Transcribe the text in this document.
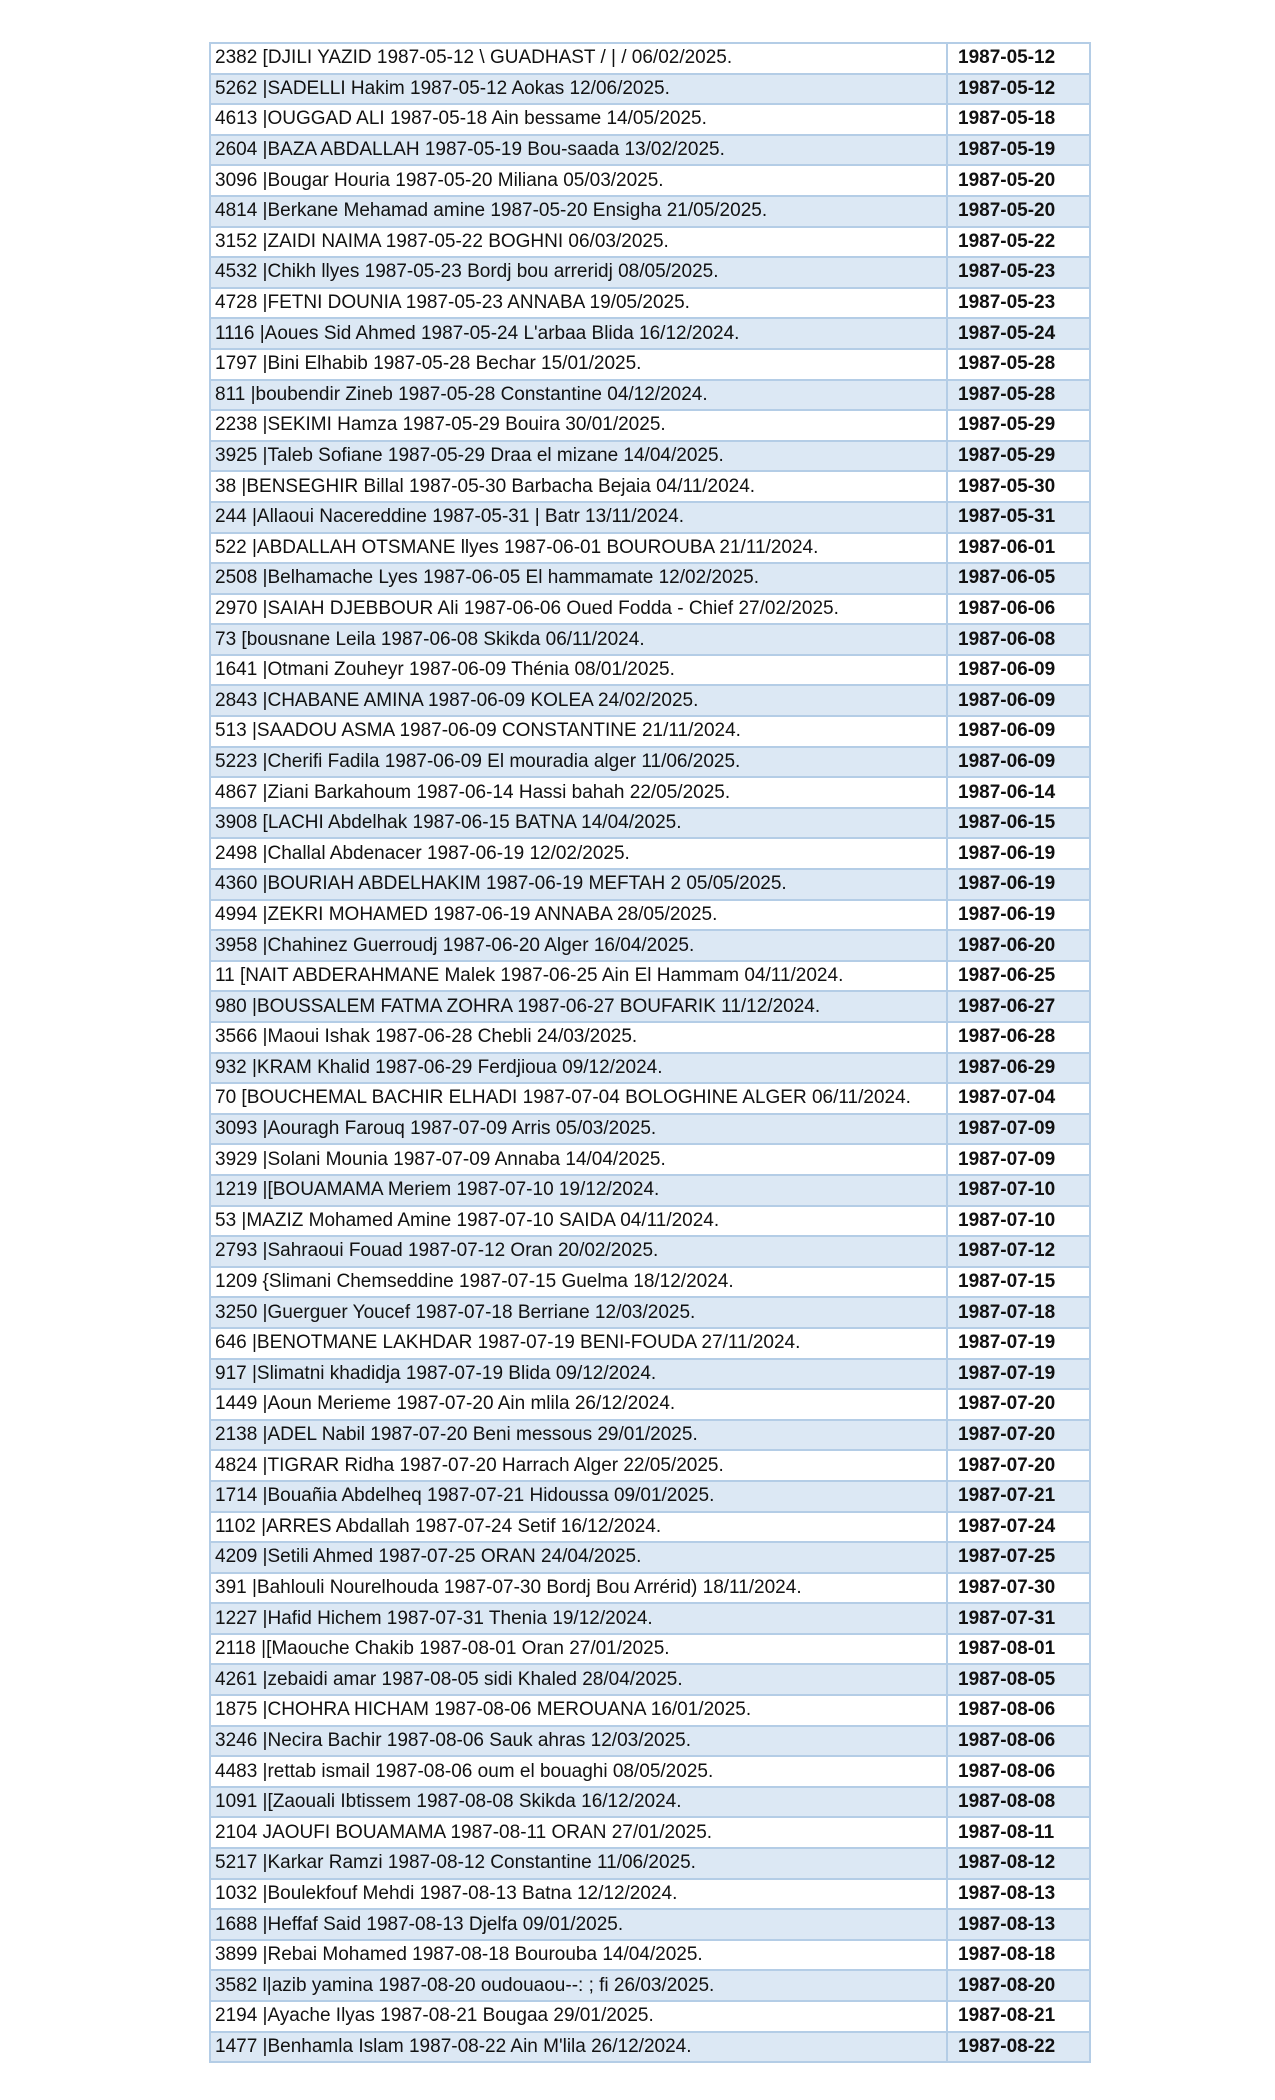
2382 [DJILI YAZID 1987-05-12 \ GUADHAST / | / 06/02/2025.	1987-05-12
5262 |SADELLI Hakim 1987-05-12 Aokas 12/06/2025.	1987-05-12
4613 |OUGGAD ALI 1987-05-18 Ain bessame 14/05/2025.	1987-05-18
2604 |BAZA ABDALLAH 1987-05-19 Bou-saada 13/02/2025.	1987-05-19
3096 |Bougar Houria 1987-05-20 Miliana 05/03/2025.	1987-05-20
4814 |Berkane Mehamad amine 1987-05-20 Ensigha 21/05/2025.	1987-05-20
3152 |ZAIDI NAIMA 1987-05-22 BOGHNI 06/03/2025.	1987-05-22
4532 |Chikh llyes 1987-05-23 Bordj bou arreridj 08/05/2025.	1987-05-23
4728 |FETNI DOUNIA 1987-05-23 ANNABA 19/05/2025.	1987-05-23
1116 |Aoues Sid Ahmed 1987-05-24 L'arbaa Blida 16/12/2024.	1987-05-24
1797 |Bini Elhabib 1987-05-28 Bechar 15/01/2025.	1987-05-28
811 |boubendir Zineb 1987-05-28 Constantine 04/12/2024.	1987-05-28
2238 |SEKIMI Hamza 1987-05-29 Bouira 30/01/2025.	1987-05-29
3925 |Taleb Sofiane 1987-05-29 Draa el mizane 14/04/2025.	1987-05-29
38 |BENSEGHIR Billal 1987-05-30 Barbacha Bejaia 04/11/2024.	1987-05-30
244 |Allaoui Nacereddine 1987-05-31 | Batr 13/11/2024.	1987-05-31
522 |ABDALLAH OTSMANE llyes 1987-06-01 BOUROUBA 21/11/2024.	1987-06-01
2508 |Belhamache Lyes 1987-06-05 El hammamate 12/02/2025.	1987-06-05
2970 |SAIAH DJEBBOUR Ali 1987-06-06 Oued Fodda - Chief 27/02/2025.	1987-06-06
73 [bousnane Leila 1987-06-08 Skikda 06/11/2024.	1987-06-08
1641 |Otmani Zouheyr 1987-06-09 Thénia 08/01/2025.	1987-06-09
2843 |CHABANE AMINA 1987-06-09 KOLEA 24/02/2025.	1987-06-09
513 |SAADOU ASMA 1987-06-09 CONSTANTINE 21/11/2024.	1987-06-09
5223 |Cherifi Fadila 1987-06-09 El mouradia alger 11/06/2025.	1987-06-09
4867 |Ziani Barkahoum 1987-06-14 Hassi bahah 22/05/2025.	1987-06-14
3908 [LACHI Abdelhak 1987-06-15 BATNA 14/04/2025.	1987-06-15
2498 |Challal Abdenacer 1987-06-19 12/02/2025.	1987-06-19
4360 |BOURIAH ABDELHAKIM 1987-06-19 MEFTAH 2 05/05/2025.	1987-06-19
4994 |ZEKRI MOHAMED 1987-06-19 ANNABA 28/05/2025.	1987-06-19
3958 |Chahinez Guerroudj 1987-06-20 Alger 16/04/2025.	1987-06-20
11 [NAIT ABDERAHMANE Malek 1987-06-25 Ain El Hammam 04/11/2024.	1987-06-25
980 |BOUSSALEM FATMA ZOHRA 1987-06-27 BOUFARIK 11/12/2024.	1987-06-27
3566 |Maoui Ishak 1987-06-28 Chebli 24/03/2025.	1987-06-28
932 |KRAM Khalid 1987-06-29 Ferdjioua 09/12/2024.	1987-06-29
70 [BOUCHEMAL BACHIR ELHADI 1987-07-04 BOLOGHINE ALGER 06/11/2024.	1987-07-04
3093 |Aouragh Farouq 1987-07-09 Arris 05/03/2025.	1987-07-09
3929 |Solani Mounia 1987-07-09 Annaba 14/04/2025.	1987-07-09
1219 |[BOUAMAMA Meriem 1987-07-10 19/12/2024.	1987-07-10
53 |MAZIZ Mohamed Amine 1987-07-10 SAIDA 04/11/2024.	1987-07-10
2793 |Sahraoui Fouad 1987-07-12 Oran 20/02/2025.	1987-07-12
1209 {Slimani Chemseddine 1987-07-15 Guelma 18/12/2024.	1987-07-15
3250 |Guerguer Youcef 1987-07-18 Berriane 12/03/2025.	1987-07-18
646 |BENOTMANE LAKHDAR 1987-07-19 BENI-FOUDA 27/11/2024.	1987-07-19
917 |Slimatni khadidja 1987-07-19 Blida 09/12/2024.	1987-07-19
1449 |Aoun Merieme 1987-07-20 Ain mlila 26/12/2024.	1987-07-20
2138 |ADEL Nabil 1987-07-20 Beni messous 29/01/2025.	1987-07-20
4824 |TIGRAR Ridha 1987-07-20 Harrach Alger 22/05/2025.	1987-07-20
1714 |Bouañia Abdelheq 1987-07-21 Hidoussa 09/01/2025.	1987-07-21
1102 |ARRES Abdallah 1987-07-24 Setif 16/12/2024.	1987-07-24
4209 |Setili Ahmed 1987-07-25 ORAN 24/04/2025.	1987-07-25
391 |Bahlouli Nourelhouda 1987-07-30 Bordj Bou Arrérid) 18/11/2024.	1987-07-30
1227 |Hafid Hichem 1987-07-31 Thenia 19/12/2024.	1987-07-31
2118 |[Maouche Chakib 1987-08-01 Oran 27/01/2025.	1987-08-01
4261 |zebaidi amar 1987-08-05 sidi Khaled 28/04/2025.	1987-08-05
1875 |CHOHRA HICHAM 1987-08-06 MEROUANA 16/01/2025.	1987-08-06
3246 |Necira Bachir 1987-08-06 Sauk ahras 12/03/2025.	1987-08-06
4483 |rettab ismail 1987-08-06 oum el bouaghi 08/05/2025.	1987-08-06
1091 |[Zaouali Ibtissem 1987-08-08 Skikda 16/12/2024.	1987-08-08
2104 JAOUFI BOUAMAMA 1987-08-11 ORAN 27/01/2025.	1987-08-11
5217 |Karkar Ramzi 1987-08-12 Constantine 11/06/2025.	1987-08-12
1032 |Boulekfouf Mehdi 1987-08-13 Batna 12/12/2024.	1987-08-13
1688 |Heffaf Said 1987-08-13 Djelfa 09/01/2025.	1987-08-13
3899 |Rebai Mohamed 1987-08-18 Bourouba 14/04/2025.	1987-08-18
3582 l|azib yamina 1987-08-20 oudouaou--: ; fi 26/03/2025.	1987-08-20
2194 |Ayache Ilyas 1987-08-21 Bougaa 29/01/2025.	1987-08-21
1477 |Benhamla Islam 1987-08-22 Ain M'lila 26/12/2024.	1987-08-22
